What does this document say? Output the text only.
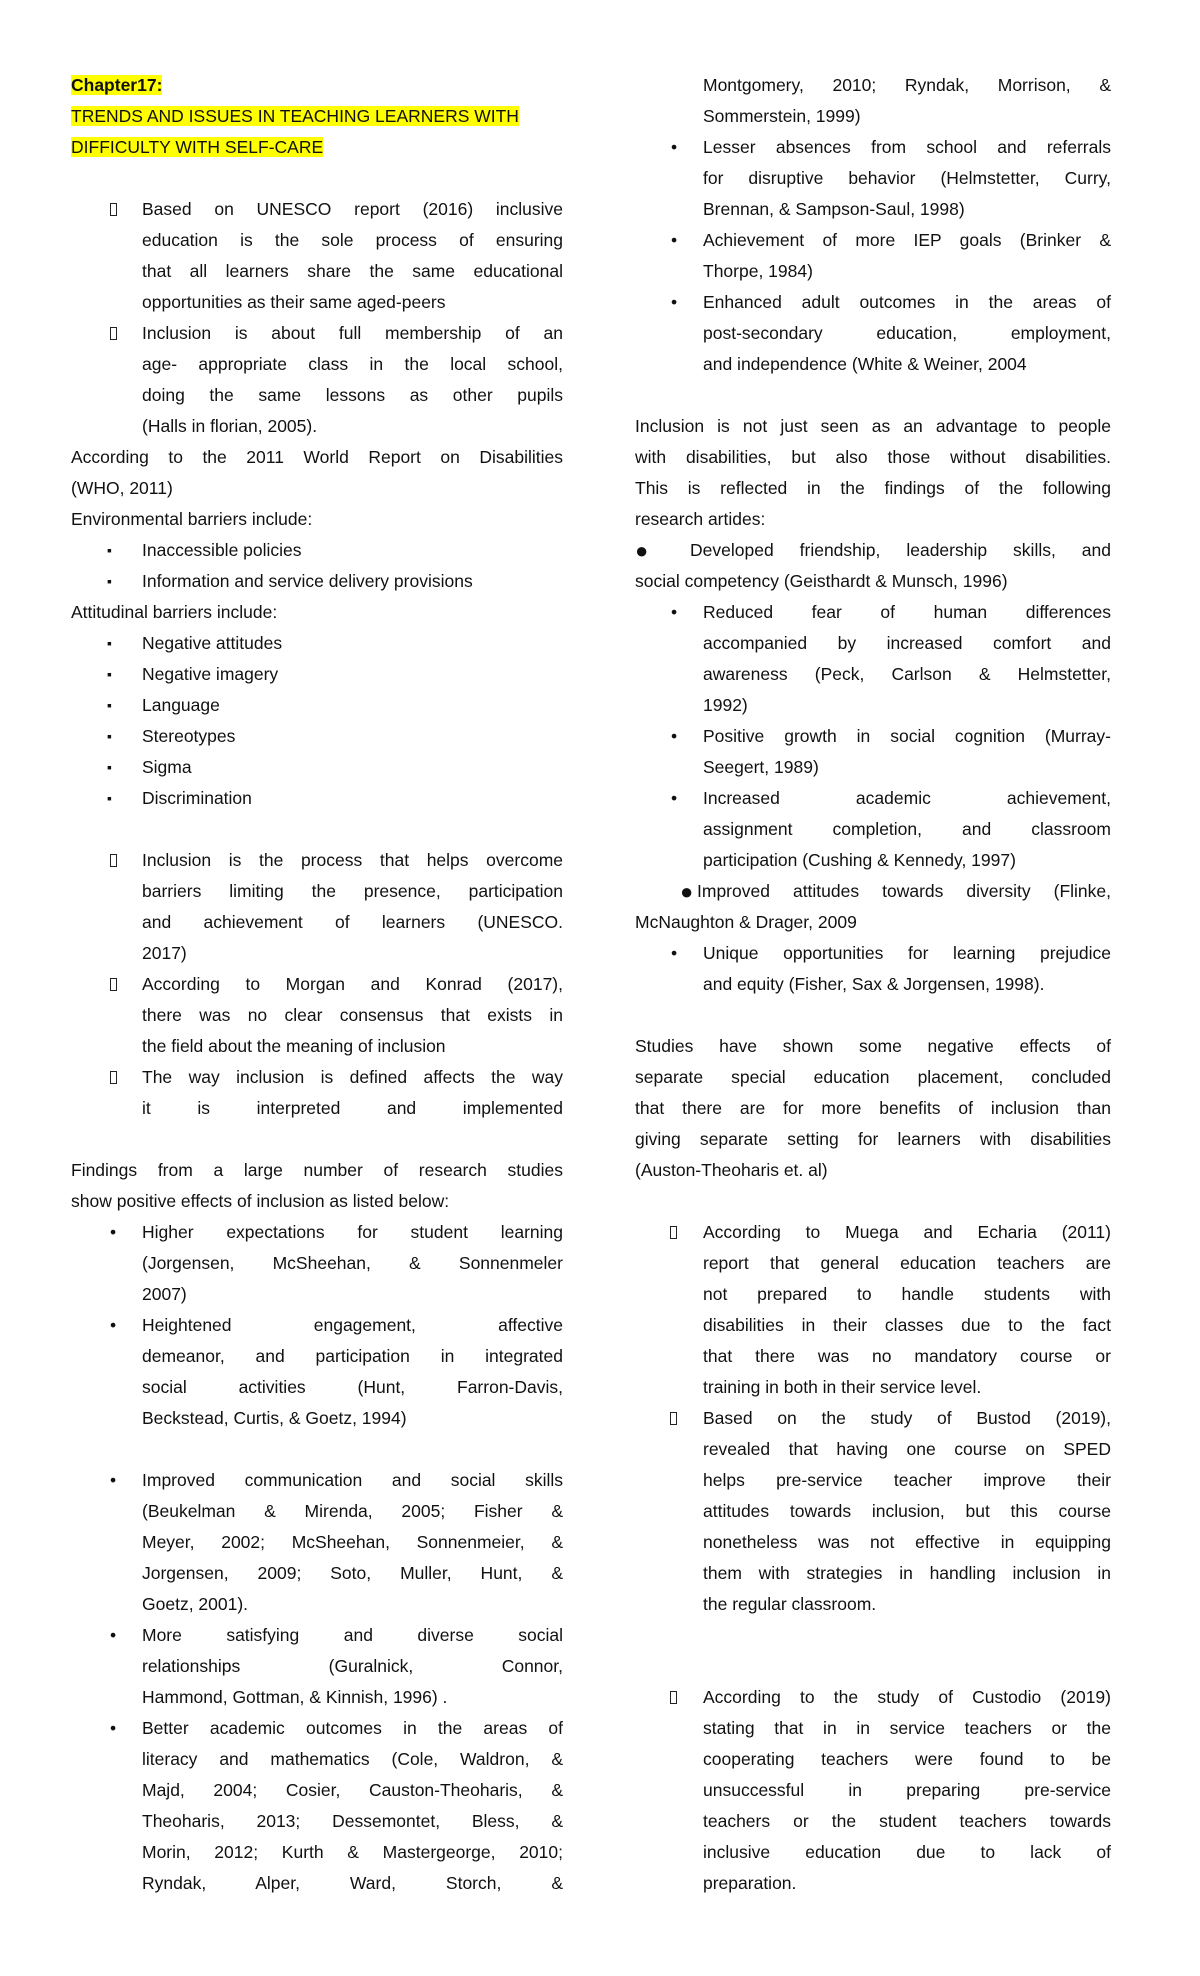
Chapter17:
TRENDS AND ISSUES IN TEACHING LEARNERS WITH
DIFFICULTY WITH SELF-CARE
Based on UNESCO report (2016) inclusive
education is the sole process of ensuring
that all learners share the same educational
opportunities as their same aged-peers
Inclusion is about full membership of an
age- appropriate class in the local school,
doing the same lessons as other pupils
(Halls in florian, 2005).
According to the 2011 World Report on Disabilities
(WHO, 2011)
Environmental barriers include:
▪ Inaccessible policies
▪ Information and service delivery provisions
Attitudinal barriers include:
▪ Negative attitudes
▪ Negative imagery
▪ Language
▪ Stereotypes
▪ Sigma
▪ Discrimination
Inclusion is the process that helps overcome
barriers limiting the presence, participation
and achievement of learners (UNESCO.
2017)
According to Morgan and Konrad (2017),
there was no clear consensus that exists in
the field about the meaning of inclusion
The way inclusion is defined affects the way
it is interpreted and implemented
Findings from a large number of research studies
show positive effects of inclusion as listed below:
• Higher expectations for student learning
(Jorgensen, McSheehan, & Sonnenmeler
2007)
• Heightened engagement, affective
demeanor, and participation in integrated
social activities (Hunt, Farron-Davis,
Beckstead, Curtis, & Goetz, 1994)
• Improved communication and social skills
(Beukelman & Mirenda, 2005; Fisher &
Meyer, 2002; McSheehan, Sonnenmeier, &
Jorgensen, 2009; Soto, Muller, Hunt, &
Goetz, 2001).
• More satisfying and diverse social
relationships (Guralnick, Connor,
Hammond, Gottman, & Kinnish, 1996) .
• Better academic outcomes in the areas of
literacy and mathematics (Cole, Waldron, &
Majd, 2004; Cosier, Causton-Theoharis, &
Theoharis, 2013; Dessemontet, Bless, &
Morin, 2012; Kurth & Mastergeorge, 2010;
Ryndak, Alper, Ward, Storch, &
Montgomery, 2010; Ryndak, Morrison, &
Sommerstein, 1999)
• Lesser absences from school and referrals
for disruptive behavior (Helmstetter, Curry,
Brennan, & Sampson-Saul, 1998)
• Achievement of more IEP goals (Brinker &
Thorpe, 1984)
• Enhanced adult outcomes in the areas of
post-secondary education, employment,
and independence (White & Weiner, 2004
Inclusion is not just seen as an advantage to people
with disabilities, but also those without disabilities.
This is reflected in the findings of the following
research artides:
● Developed friendship, leadership skills, and
social competency (Geisthardt & Munsch, 1996)
• Reduced fear of human differences
accompanied by increased comfort and
awareness (Peck, Carlson & Helmstetter,
1992)
• Positive growth in social cognition (Murray-
Seegert, 1989)
• Increased academic achievement,
assignment completion, and classroom
participation (Cushing & Kennedy, 1997)
● Improved attitudes towards diversity (Flinke,
McNaughton & Drager, 2009
• Unique opportunities for learning prejudice
and equity (Fisher, Sax & Jorgensen, 1998).
Studies have shown some negative effects of
separate special education placement, concluded
that there are for more benefits of inclusion than
giving separate setting for learners with disabilities
(Auston-Theoharis et. al)
According to Muega and Echaria (2011)
report that general education teachers are
not prepared to handle students with
disabilities in their classes due to the fact
that there was no mandatory course or
training in both in their service level.
Based on the study of Bustod (2019),
revealed that having one course on SPED
helps pre-service teacher improve their
attitudes towards inclusion, but this course
nonetheless was not effective in equipping
them with strategies in handling inclusion in
the regular classroom.
According to the study of Custodio (2019)
stating that in in service teachers or the
cooperating teachers were found to be
unsuccessful in preparing pre-service
teachers or the student teachers towards
inclusive education due to lack of
preparation.
